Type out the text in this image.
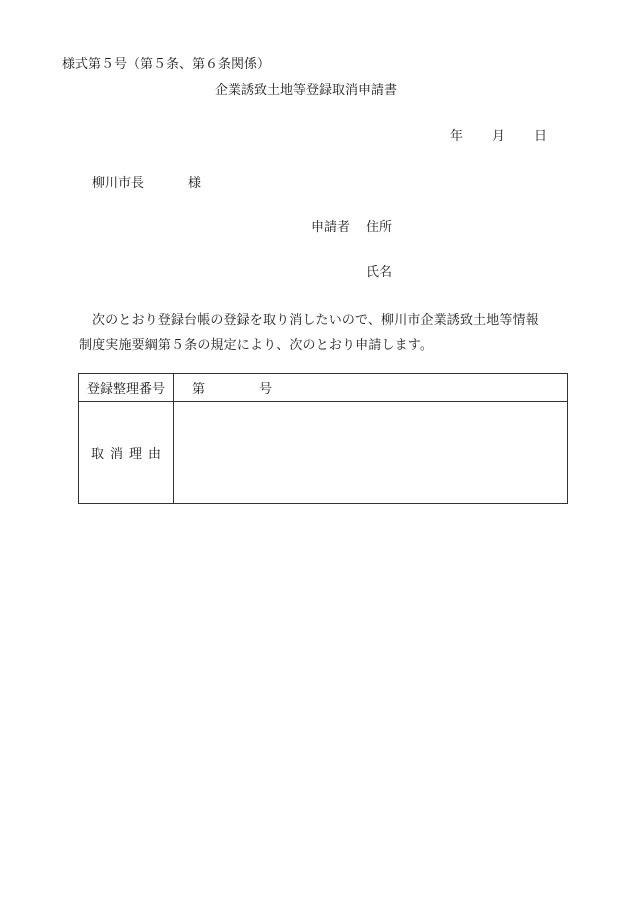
様式第５号（第５条、第６条関係）
企業誘致土地等登録取消申請書
年 月 日
柳川市長	様
申請者 住所
氏名
次のとおり登録台帳の登録を取り消したいので、柳川市企業誘致土地等情報
制度実施要綱第５条の規定により、次のとおり申請します。
登録整理番号	第 号
取消理由	
